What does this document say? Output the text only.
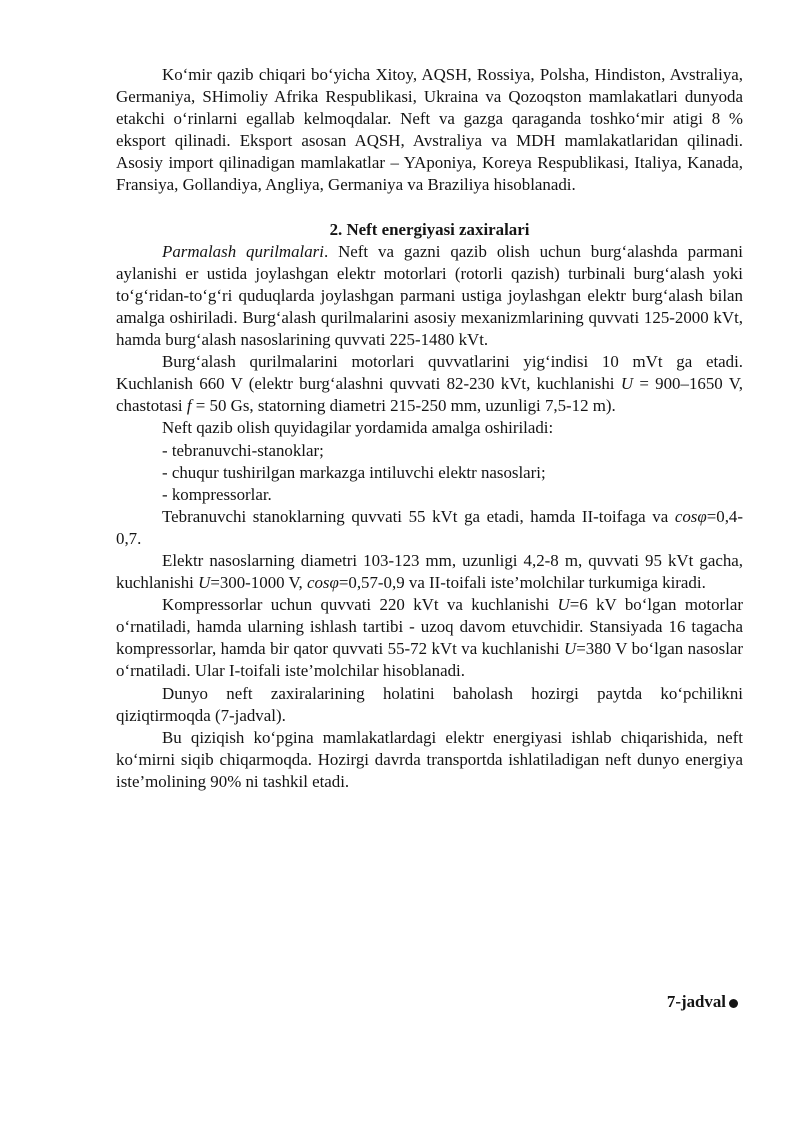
Ko‘mir qazib chiqari bo‘yicha Xitoy, AQSH, Rossiya, Polsha, Hindiston, Avstraliya, Germaniya, SHimoliy Afrika Respublikasi, Ukraina va Qozoqston mamlakatlari dunyoda etakchi o‘rinlarni egallab kelmoqdalar. Neft va gazga qaraganda toshko‘mir atigi 8 % eksport qilinadi. Eksport asosan AQSH, Avstraliya va MDH mamlakatlaridan qilinadi. Asosiy import qilinadigan mamlakatlar – YAponiya, Koreya Respublikasi, Italiya, Kanada, Fransiya, Gollandiya, Angliya, Germaniya va Braziliya hisoblanadi.

2. Neft energiyasi zaxiralari

Parmalash qurilmalari. Neft va gazni qazib olish uchun burg‘alashda parmani aylanishi er ustida joylashgan elektr motorlari (rotorli qazish) turbinali burg‘alash yoki to‘g‘ridan-to‘g‘ri quduqlarda joylashgan parmani ustiga joylashgan elektr burg‘alash bilan amalga oshiriladi. Burg‘alash qurilmalarini asosiy mexanizmlarining quvvati 125-2000 kVt, hamda burg‘alash nasoslarining quvvati 225-1480 kVt.

Burg‘alash qurilmalarini motorlari quvvatlarini yig‘indisi 10 mVt ga etadi. Kuchlanish 660 V (elektr burg‘alashni quvvati 82-230 kVt, kuchlanishi U = 900–1650 V, chastotasi f = 50 Gs, statorning diametri 215-250 mm, uzunligi 7,5-12 m).

Neft qazib olish quyidagilar yordamida amalga oshiriladi:

- tebranuvchi-stanoklar;

- chuqur tushirilgan markazga intiluvchi elektr nasoslari;

- kompressorlar.

Tebranuvchi stanoklarning quvvati 55 kVt ga etadi, hamda II-toifaga va cosφ=0,4-0,7.

Elektr nasoslarning diametri 103-123 mm, uzunligi 4,2-8 m, quvvati 95 kVt gacha, kuchlanishi U=300-1000 V, cosφ=0,57-0,9 va II-toifali iste’molchilar turkumiga kiradi.

Kompressorlar uchun quvvati 220 kVt va kuchlanishi U=6 kV bo‘lgan motorlar o‘rnatiladi, hamda ularning ishlash tartibi - uzoq davom etuvchidir. Stansiyada 16 tagacha kompressorlar, hamda bir qator quvvati 55-72 kVt va kuchlanishi U=380 V bo‘lgan nasoslar o‘rnatiladi. Ular I-toifali iste’molchilar hisoblanadi.

Dunyo neft zaxiralarining holatini baholash hozirgi paytda ko‘pchilikni qiziqtirmoqda (7-jadval).

Bu qiziqish ko‘pgina mamlakatlardagi elektr energiyasi ishlab chiqarishida, neft ko‘mirni siqib chiqarmoqda. Hozirgi davrda transportda ishlatiladigan neft dunyo energiya iste’molining 90% ni tashkil etadi.

7-jadval
